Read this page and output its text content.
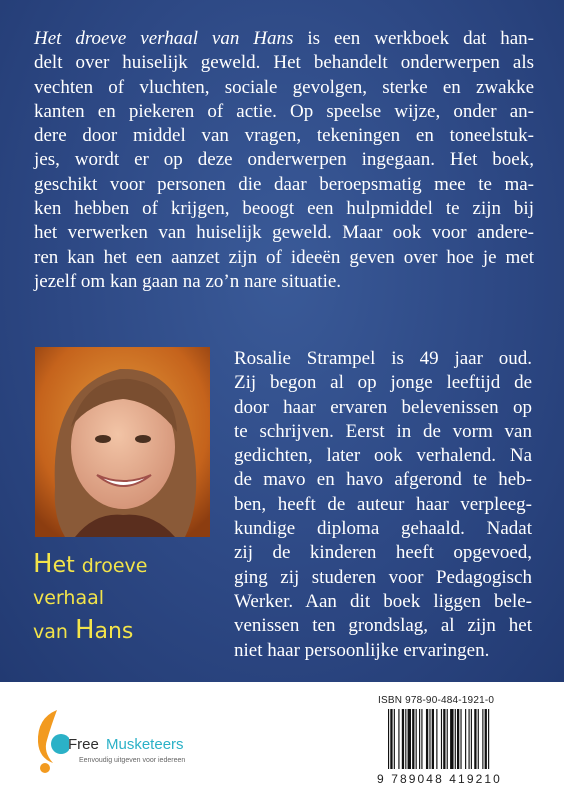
Het droeve verhaal van Hans is een werkboek dat han-
delt over huiselijk geweld. Het behandelt onderwerpen als
vechten of vluchten, sociale gevolgen, sterke en zwakke
kanten en piekeren of actie. Op speelse wijze, onder an-
dere door middel van vragen, tekeningen en toneelstuk-
jes, wordt er op deze onderwerpen ingegaan. Het boek,
geschikt voor personen die daar beroepsmatig mee te ma-
ken hebben of krijgen, beoogt een hulpmiddel te zijn bij
het verwerken van huiselijk geweld. Maar ook voor andere-
ren kan het een aanzet zijn of ideeën geven over hoe je met
jezelf om kan gaan na zo’n nare situatie.
Het droeve verhaal
van Hans
Rosalie Strampel is 49 jaar oud.
Zij begon al op jonge leeftijd de
door haar ervaren belevenissen op
te schrijven. Eerst in de vorm van
gedichten, later ook verhalend. Na
de mavo en havo afgerond te heb-
ben, heeft de auteur haar verpleeg-
kundige diploma gehaald. Nadat
zij de kinderen heeft opgevoed,
ging zij studeren voor Pedagogisch
Werker. Aan dit boek liggen bele-
venissen ten grondslag, al zijn het
niet haar persoonlijke ervaringen.
Free Musketeers
Eenvoudig uitgeven voor iedereen
ISBN 978-90-484-1921-0
9 789048 419210
